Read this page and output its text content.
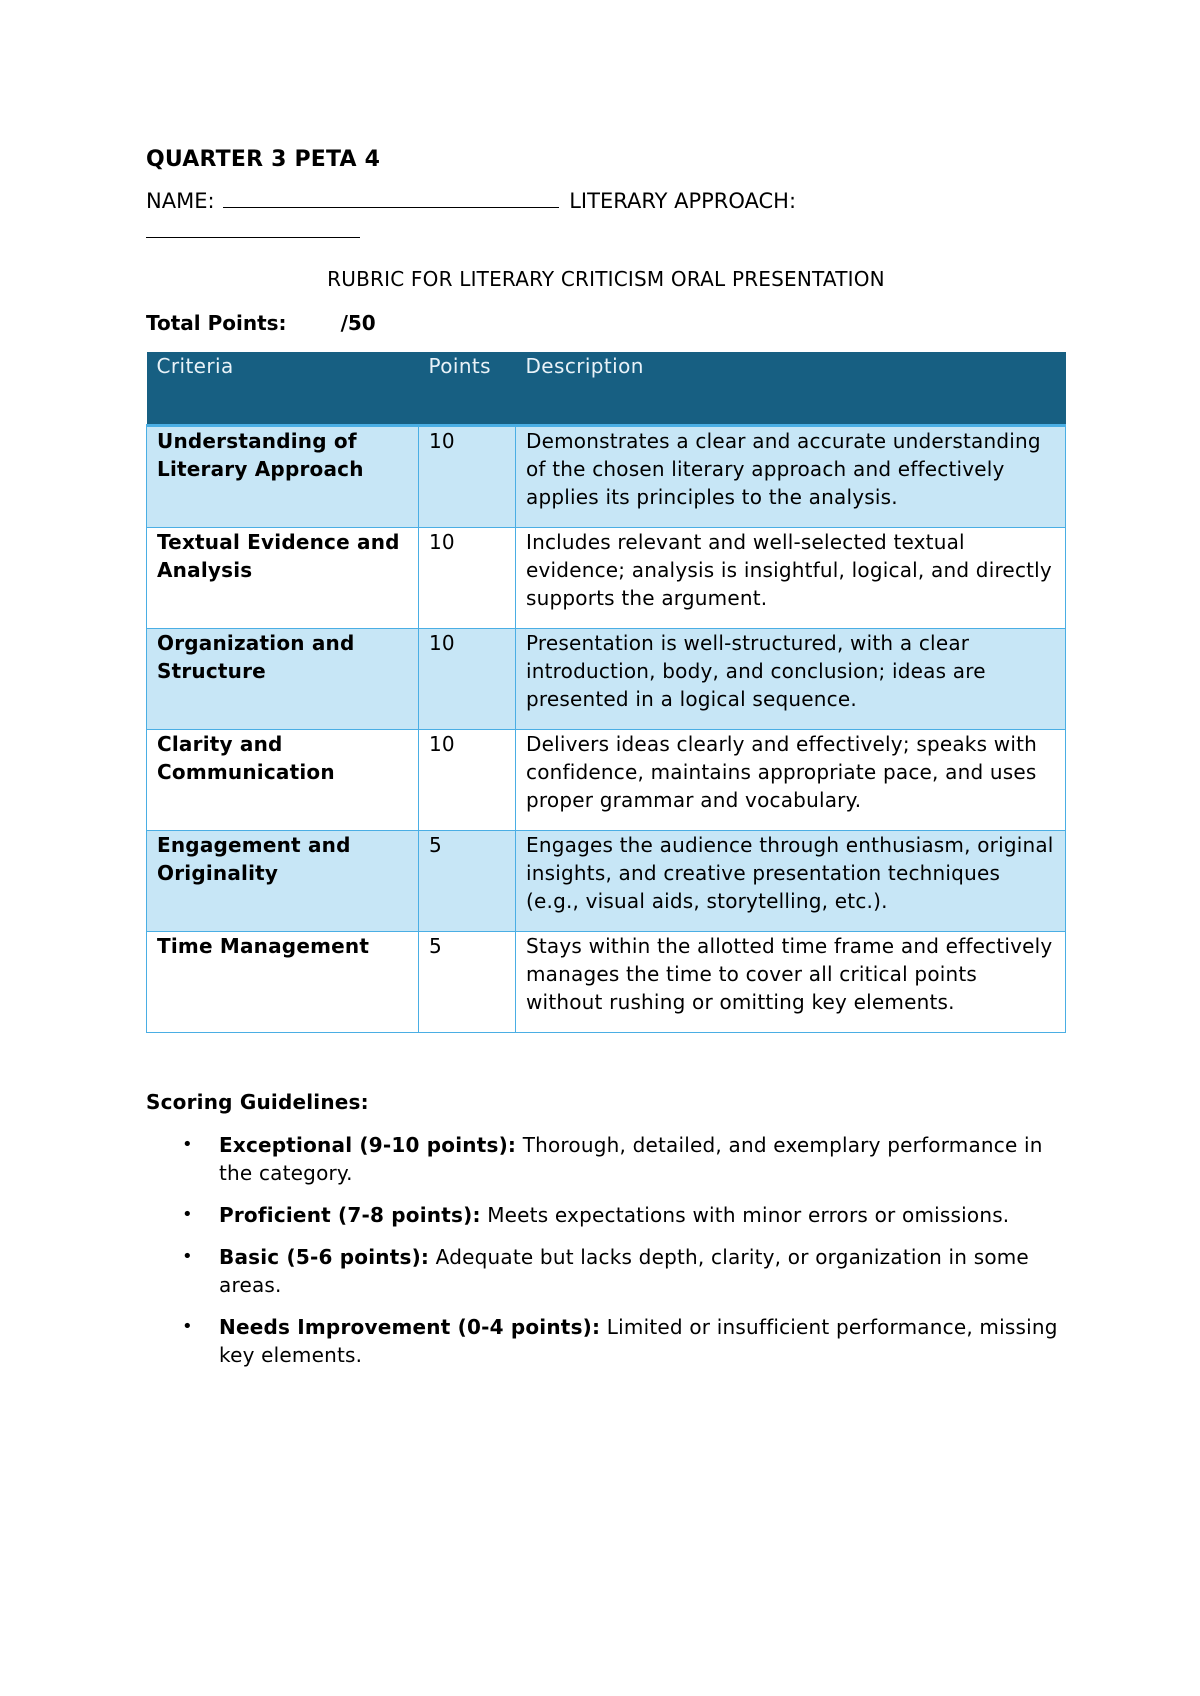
QUARTER 3 PETA 4
NAME:	LITERARY APPROACH:

RUBRIC FOR LITERARY CRITICISM ORAL PRESENTATION
Total Points:	/50
Criteria	Points	Description
Understanding of Literary Approach	10	Demonstrates a clear and accurate understanding of the chosen literary approach and effectively applies its principles to the analysis.
Textual Evidence and Analysis	10	Includes relevant and well-selected textual evidence; analysis is insightful, logical, and directly supports the argument.
Organization and Structure	10	Presentation is well-structured, with a clear introduction, body, and conclusion; ideas are presented in a logical sequence.
Clarity and Communication	10	Delivers ideas clearly and effectively; speaks with confidence, maintains appropriate pace, and uses proper grammar and vocabulary.
Engagement and Originality	5	Engages the audience through enthusiasm, original insights, and creative presentation techniques (e.g., visual aids, storytelling, etc.).
Time Management	5	Stays within the allotted time frame and effectively manages the time to cover all critical points without rushing or omitting key elements.
Scoring Guidelines:
• Exceptional (9-10 points): Thorough, detailed, and exemplary performance in the category.
• Proficient (7-8 points): Meets expectations with minor errors or omissions.
• Basic (5-6 points): Adequate but lacks depth, clarity, or organization in some areas.
• Needs Improvement (0-4 points): Limited or insufficient performance, missing key elements.
